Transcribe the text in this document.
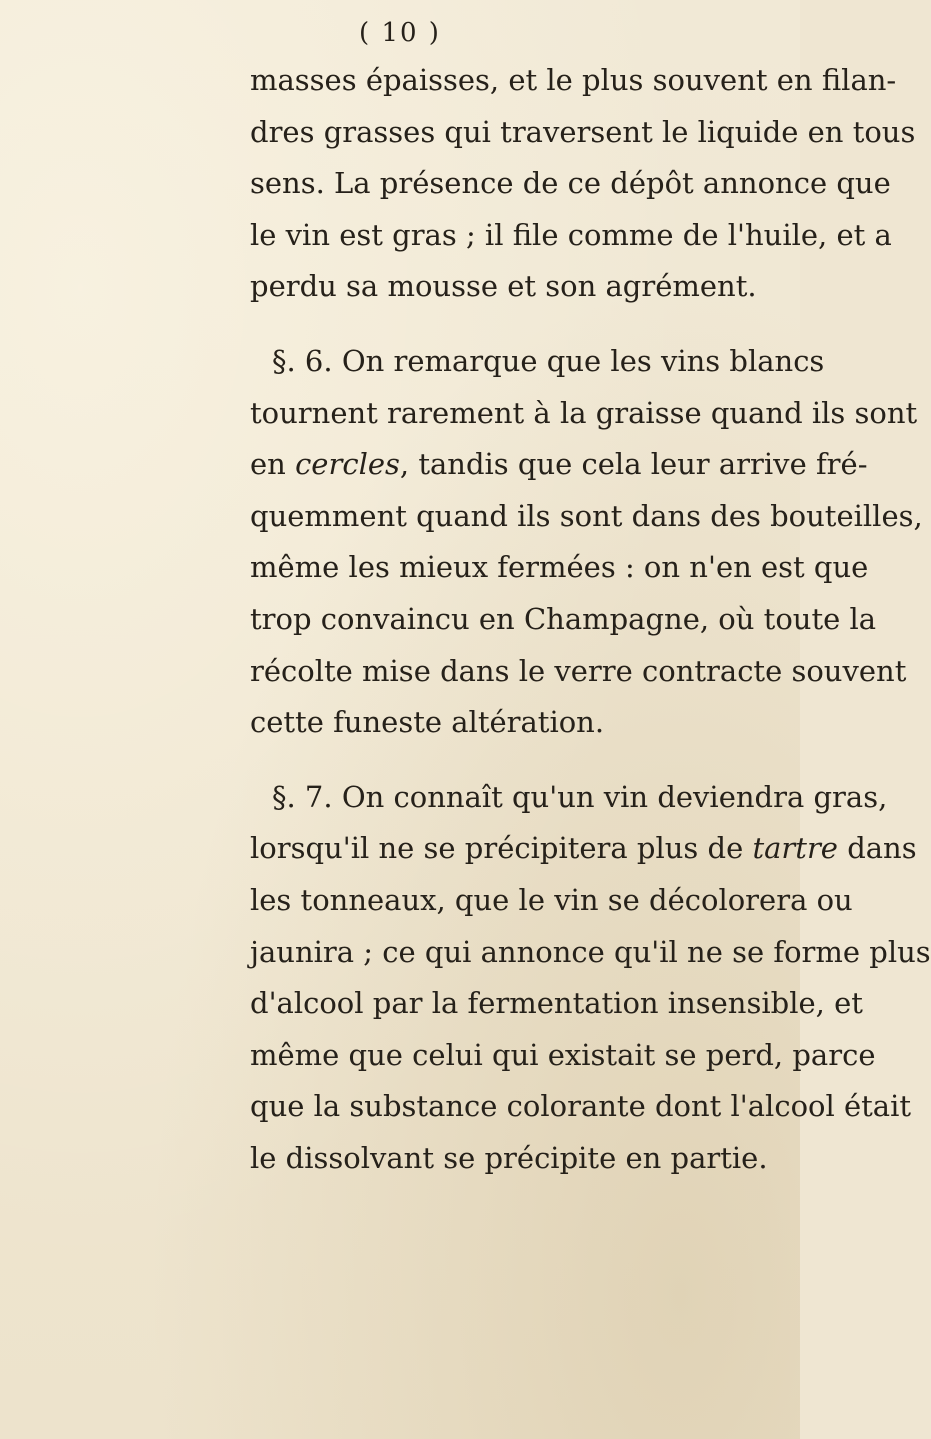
( 10 )
masses épaisses, et le plus souvent en filan-
dres grasses qui traversent le liquide en tous
sens. La présence de ce dépôt annonce que
le vin est gras ; il file comme de l'huile, et a
perdu sa mousse et son agrément.
§. 6. On remarque que les vins blancs
tournent rarement à la graisse quand ils sont
en cercles, tandis que cela leur arrive fré-
quemment quand ils sont dans des bouteilles,
même les mieux fermées : on n'en est que
trop convaincu en Champagne, où toute la
récolte mise dans le verre contracte souvent
cette funeste altération.
§. 7. On connaît qu'un vin deviendra gras,
lorsqu'il ne se précipitera plus de tartre dans
les tonneaux, que le vin se décolorera ou
jaunira ; ce qui annonce qu'il ne se forme plus
d'alcool par la fermentation insensible, et
même que celui qui existait se perd, parce
que la substance colorante dont l'alcool était
le dissolvant se précipite en partie.
